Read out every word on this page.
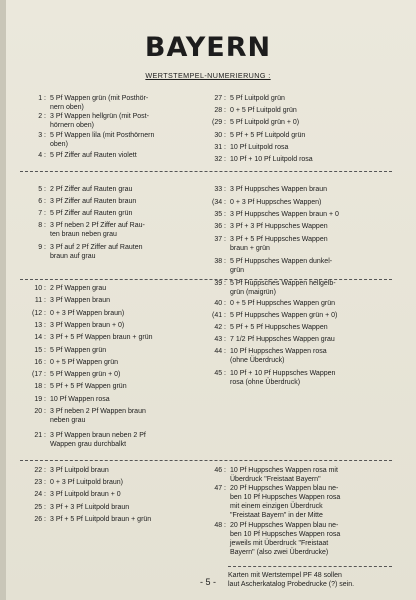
BAYERN
WERTSTEMPEL-NUMERIERUNG :
1 : 5 Pf Wappen grün (mit Posthör-
nern oben)
2 : 3 Pf Wappen hellgrün (mit Post-
hörnern oben)
3 : 5 Pf Wappen lila (mit Posthörnern
oben)
4 : 5 Pf Ziffer auf Rauten violett
5 : 2 Pf Ziffer auf Rauten grau
6 : 3 Pf Ziffer auf Rauten braun
7 : 5 Pf Ziffer auf Rauten grün
8 : 3 Pf neben 2 Pf Ziffer auf Rau-
ten braun neben grau
9 : 3 Pf auf 2 Pf Ziffer auf Rauten
braun auf grau
10 : 2 Pf Wappen grau
11 : 3 Pf Wappen braun
(12 : 0 + 3 Pf Wappen braun)
13 : 3 Pf Wappen braun + 0)
14 : 3 Pf + 5 Pf Wappen braun + grün
15 : 5 Pf Wappen grün
16 : 0 + 5 Pf Wappen grün
(17 : 5 Pf Wappen grün + 0)
18 : 5 Pf + 5 Pf Wappen grün
19 : 10 Pf Wappen rosa
20 : 3 Pf neben 2 Pf Wappen braun
neben grau
21 : 3 Pf Wappen braun neben 2 Pf
Wappen grau durchbalkt
22 : 3 Pf Luitpold braun
23 : 0 + 3 Pf Luitpold braun)
24 : 3 Pf Luitpold braun + 0
25 : 3 Pf + 3 Pf Luitpold braun
26 : 3 Pf + 5 Pf Luitpold braun + grün
27 : 5 Pf Luitpold grün
28 : 0 + 5 Pf Luitpold grün
(29 : 5 Pf Luitpold grün + 0)
30 : 5 Pf + 5 Pf Luitpold grün
31 : 10 Pf Luitpold rosa
32 : 10 Pf + 10 Pf Luitpold rosa
33 : 3 Pf Huppsches Wappen braun
(34 : 0 + 3 Pf Huppsches Wappen)
35 : 3 Pf Huppsches Wappen braun + 0
36 : 3 Pf + 3 Pf Huppsches Wappen
37 : 3 Pf + 5 Pf Huppsches Wappen
braun + grün
38 : 5 Pf Huppsches Wappen dunkel-
grün
39 : 5 Pf Huppsches Wappen hellgelb-
grün (maigrün)
40 : 0 + 5 Pf Huppsches Wappen grün
(41 : 5 Pf Huppsches Wappen grün + 0)
42 : 5 Pf + 5 Pf Huppsches Wappen
43 : 7 1/2 Pf Huppsches Wappen grau
44 : 10 Pf Huppsches Wappen rosa
(ohne Überdruck)
45 : 10 Pf + 10 Pf Huppsches Wappen
rosa (ohne Überdruck)
46 : 10 Pf Huppsches Wappen rosa mit
Überdruck "Freistaat Bayern"
47 : 20 Pf Huppsches Wappen blau ne-
ben 10 Pf Huppsches Wappen rosa
mit einem einzigen Überdruck
"Freistaat Bayern" in der Mitte
48 : 20 Pf Huppsches Wappen blau ne-
ben 10 Pf Huppsches Wappen rosa
jeweils mit Überdruck "Freistaat
Bayern" (also zwei Überdrucke)
Karten mit Wertstempel PF 48 sollen
laut Ascherkatalog Probedrucke (?) sein.
- 5 -
